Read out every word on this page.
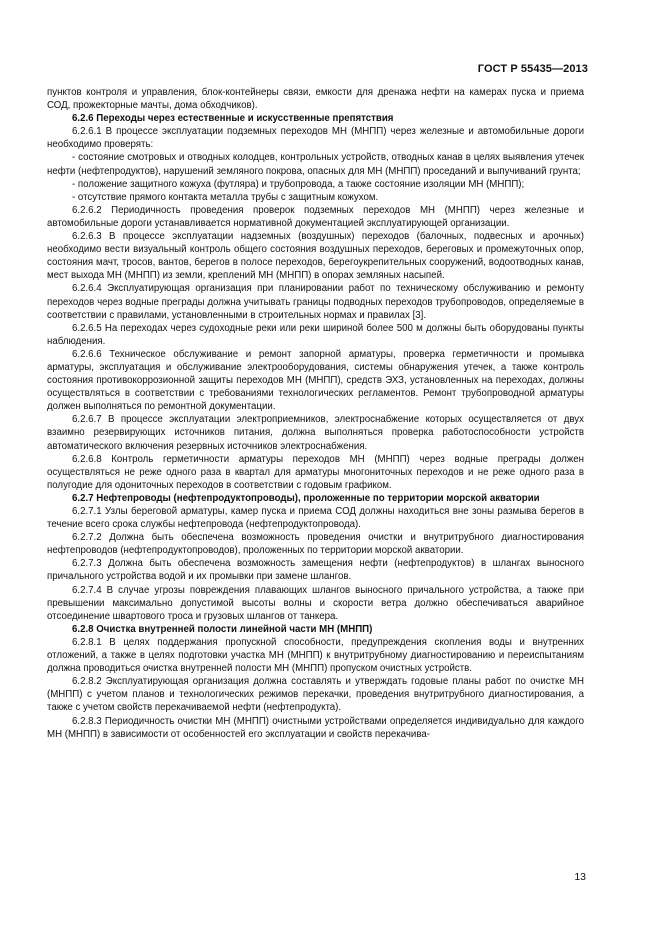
ГОСТ Р 55435—2013

пунктов контроля и управления, блок-контейнеры связи, емкости для дренажа нефти на камерах пуска и приема СОД, прожекторные мачты, дома обходчиков).

6.2.6 Переходы через естественные и искусственные препятствия

6.2.6.1 В процессе эксплуатации подземных переходов МН (МНПП) через железные и автомобильные дороги необходимо проверять:

- состояние смотровых и отводных колодцев, контрольных устройств, отводных канав в целях выявления утечек нефти (нефтепродуктов), нарушений земляного покрова, опасных для МН (МНПП) проседаний и выпучиваний грунта;

- положение защитного кожуха (футляра) и трубопровода, а также состояние изоляции МН (МНПП);

- отсутствие прямого контакта металла трубы с защитным кожухом.

6.2.6.2 Периодичность проведения проверок подземных переходов МН (МНПП) через железные и автомобильные дороги устанавливается нормативной документацией эксплуатирующей организации.

6.2.6.3 В процессе эксплуатации надземных (воздушных) переходов (балочных, подвесных и арочных) необходимо вести визуальный контроль общего состояния воздушных переходов, береговых и промежуточных опор, состояния мачт, тросов, вантов, берегов в полосе переходов, берегоукрепительных сооружений, водоотводных канав, мест выхода МН (МНПП) из земли, креплений МН (МНПП) в опорах земляных насыпей.

6.2.6.4 Эксплуатирующая организация при планировании работ по техническому обслуживанию и ремонту переходов через водные преграды должна учитывать границы подводных переходов трубопроводов, определяемые в соответствии с правилами, установленными в строительных нормах и правилах [3].

6.2.6.5 На переходах через судоходные реки или реки шириной более 500 м должны быть оборудованы пункты наблюдения.

6.2.6.6 Техническое обслуживание и ремонт запорной арматуры, проверка герметичности и промывка арматуры, эксплуатация и обслуживание электрооборудования, системы обнаружения утечек, а также контроль состояния противокоррозионной защиты переходов МН (МНПП), средств ЭХЗ, установленных на переходах, должны осуществляться в соответствии с требованиями технологических регламентов. Ремонт трубопроводной арматуры должен выполняться по ремонтной документации.

6.2.6.7 В процессе эксплуатации электроприемников, электроснабжение которых осуществляется от двух взаимно резервирующих источников питания, должна выполняться проверка работоспособности устройств автоматического включения резервных источников электроснабжения.

6.2.6.8 Контроль герметичности арматуры переходов МН (МНПП) через водные преграды должен осуществляться не реже одного раза в квартал для арматуры многониточных переходов и не реже одного раза в полугодие для одониточных переходов в соответствии с годовым графиком.

6.2.7 Нефтепроводы (нефтепродуктопроводы), проложенные по территории морской акватории

6.2.7.1 Узлы береговой арматуры, камер пуска и приема СОД должны находиться вне зоны размыва берегов в течение всего срока службы нефтепровода (нефтепродуктопровода).

6.2.7.2 Должна быть обеспечена возможность проведения очистки и внутритрубного диагностирования нефтепроводов (нефтепродуктопроводов), проложенных по территории морской акватории.

6.2.7.3 Должна быть обеспечена возможность замещения нефти (нефтепродуктов) в шлангах выносного причального устройства водой и их промывки при замене шлангов.

6.2.7.4 В случае угрозы повреждения плавающих шлангов выносного причального устройства, а также при превышении максимально допустимой высоты волны и скорости ветра должно обеспечиваться аварийное отсоединение швартового троса и грузовых шлангов от танкера.

6.2.8 Очистка внутренней полости линейной части МН (МНПП)

6.2.8.1 В целях поддержания пропускной способности, предупреждения скопления воды и внутренних отложений, а также в целях подготовки участка МН (МНПП) к внутритрубному диагностированию и переиспытаниям должна проводиться очистка внутренней полости МН (МНПП) пропуском очистных устройств.

6.2.8.2 Эксплуатирующая организация должна составлять и утверждать годовые планы работ по очистке МН (МНПП) с учетом планов и технологических режимов перекачки, проведения внутритрубного диагностирования, а также с учетом свойств перекачиваемой нефти (нефтепродукта).

6.2.8.3 Периодичность очистки МН (МНПП) очистными устройствами определяется индивидуально для каждого МН (МНПП) в зависимости от особенностей его эксплуатации и свойств перекачива-

13
